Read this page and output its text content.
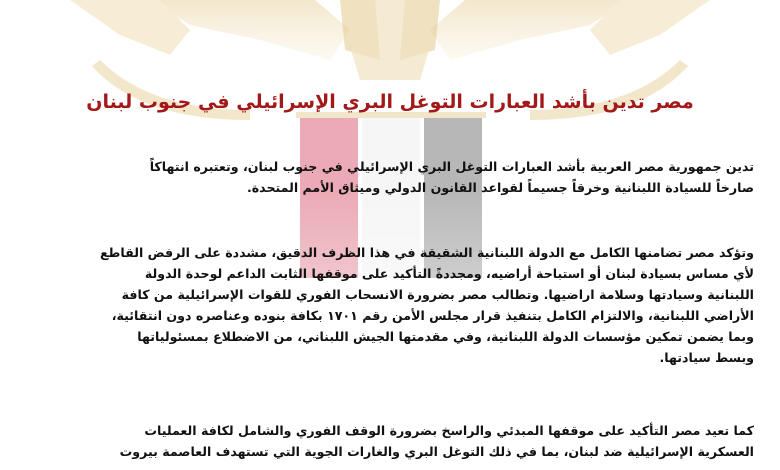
مصر تدين بأشد العبارات التوغل البري الإسرائيلي في جنوب لبنان

تدين جمهورية مصر العربية بأشد العبارات التوغل البري الإسرائيلي في جنوب لبنان، وتعتبره انتهاكاً
صارخاً للسيادة اللبنانية وخرقاً جسيماً لقواعد القانون الدولي وميثاق الأمم المتحدة.

وتؤكد مصر تضامنها الكامل مع الدولة اللبنانية الشقيقة في هذا الظرف الدقيق، مشددة على الرفض القاطع
لأي مساس بسيادة لبنان أو استباحة أراضيه، ومجددةً التأكيد على موقفها الثابت الداعم لوحدة الدولة
اللبنانية وسيادتها وسلامة اراضيها. وتطالب مصر بضرورة الانسحاب الفوري للقوات الإسرائيلية من كافة
الأراضي اللبنانية، والالتزام الكامل بتنفيذ قرار مجلس الأمن رقم ١٧٠١ بكافة بنوده وعناصره دون انتقائية،
وبما يضمن تمكين مؤسسات الدولة اللبنانية، وفي مقدمتها الجيش اللبناني، من الاضطلاع بمسئولياتها
وبسط سيادتها.

كما تعيد مصر التأكيد على موقفها المبدئي والراسخ بضرورة الوقف الفوري والشامل لكافة العمليات
العسكرية الإسرائيلية ضد لبنان، بما في ذلك التوغل البري والغارات الجوية التي تستهدف العاصمة بيروت
